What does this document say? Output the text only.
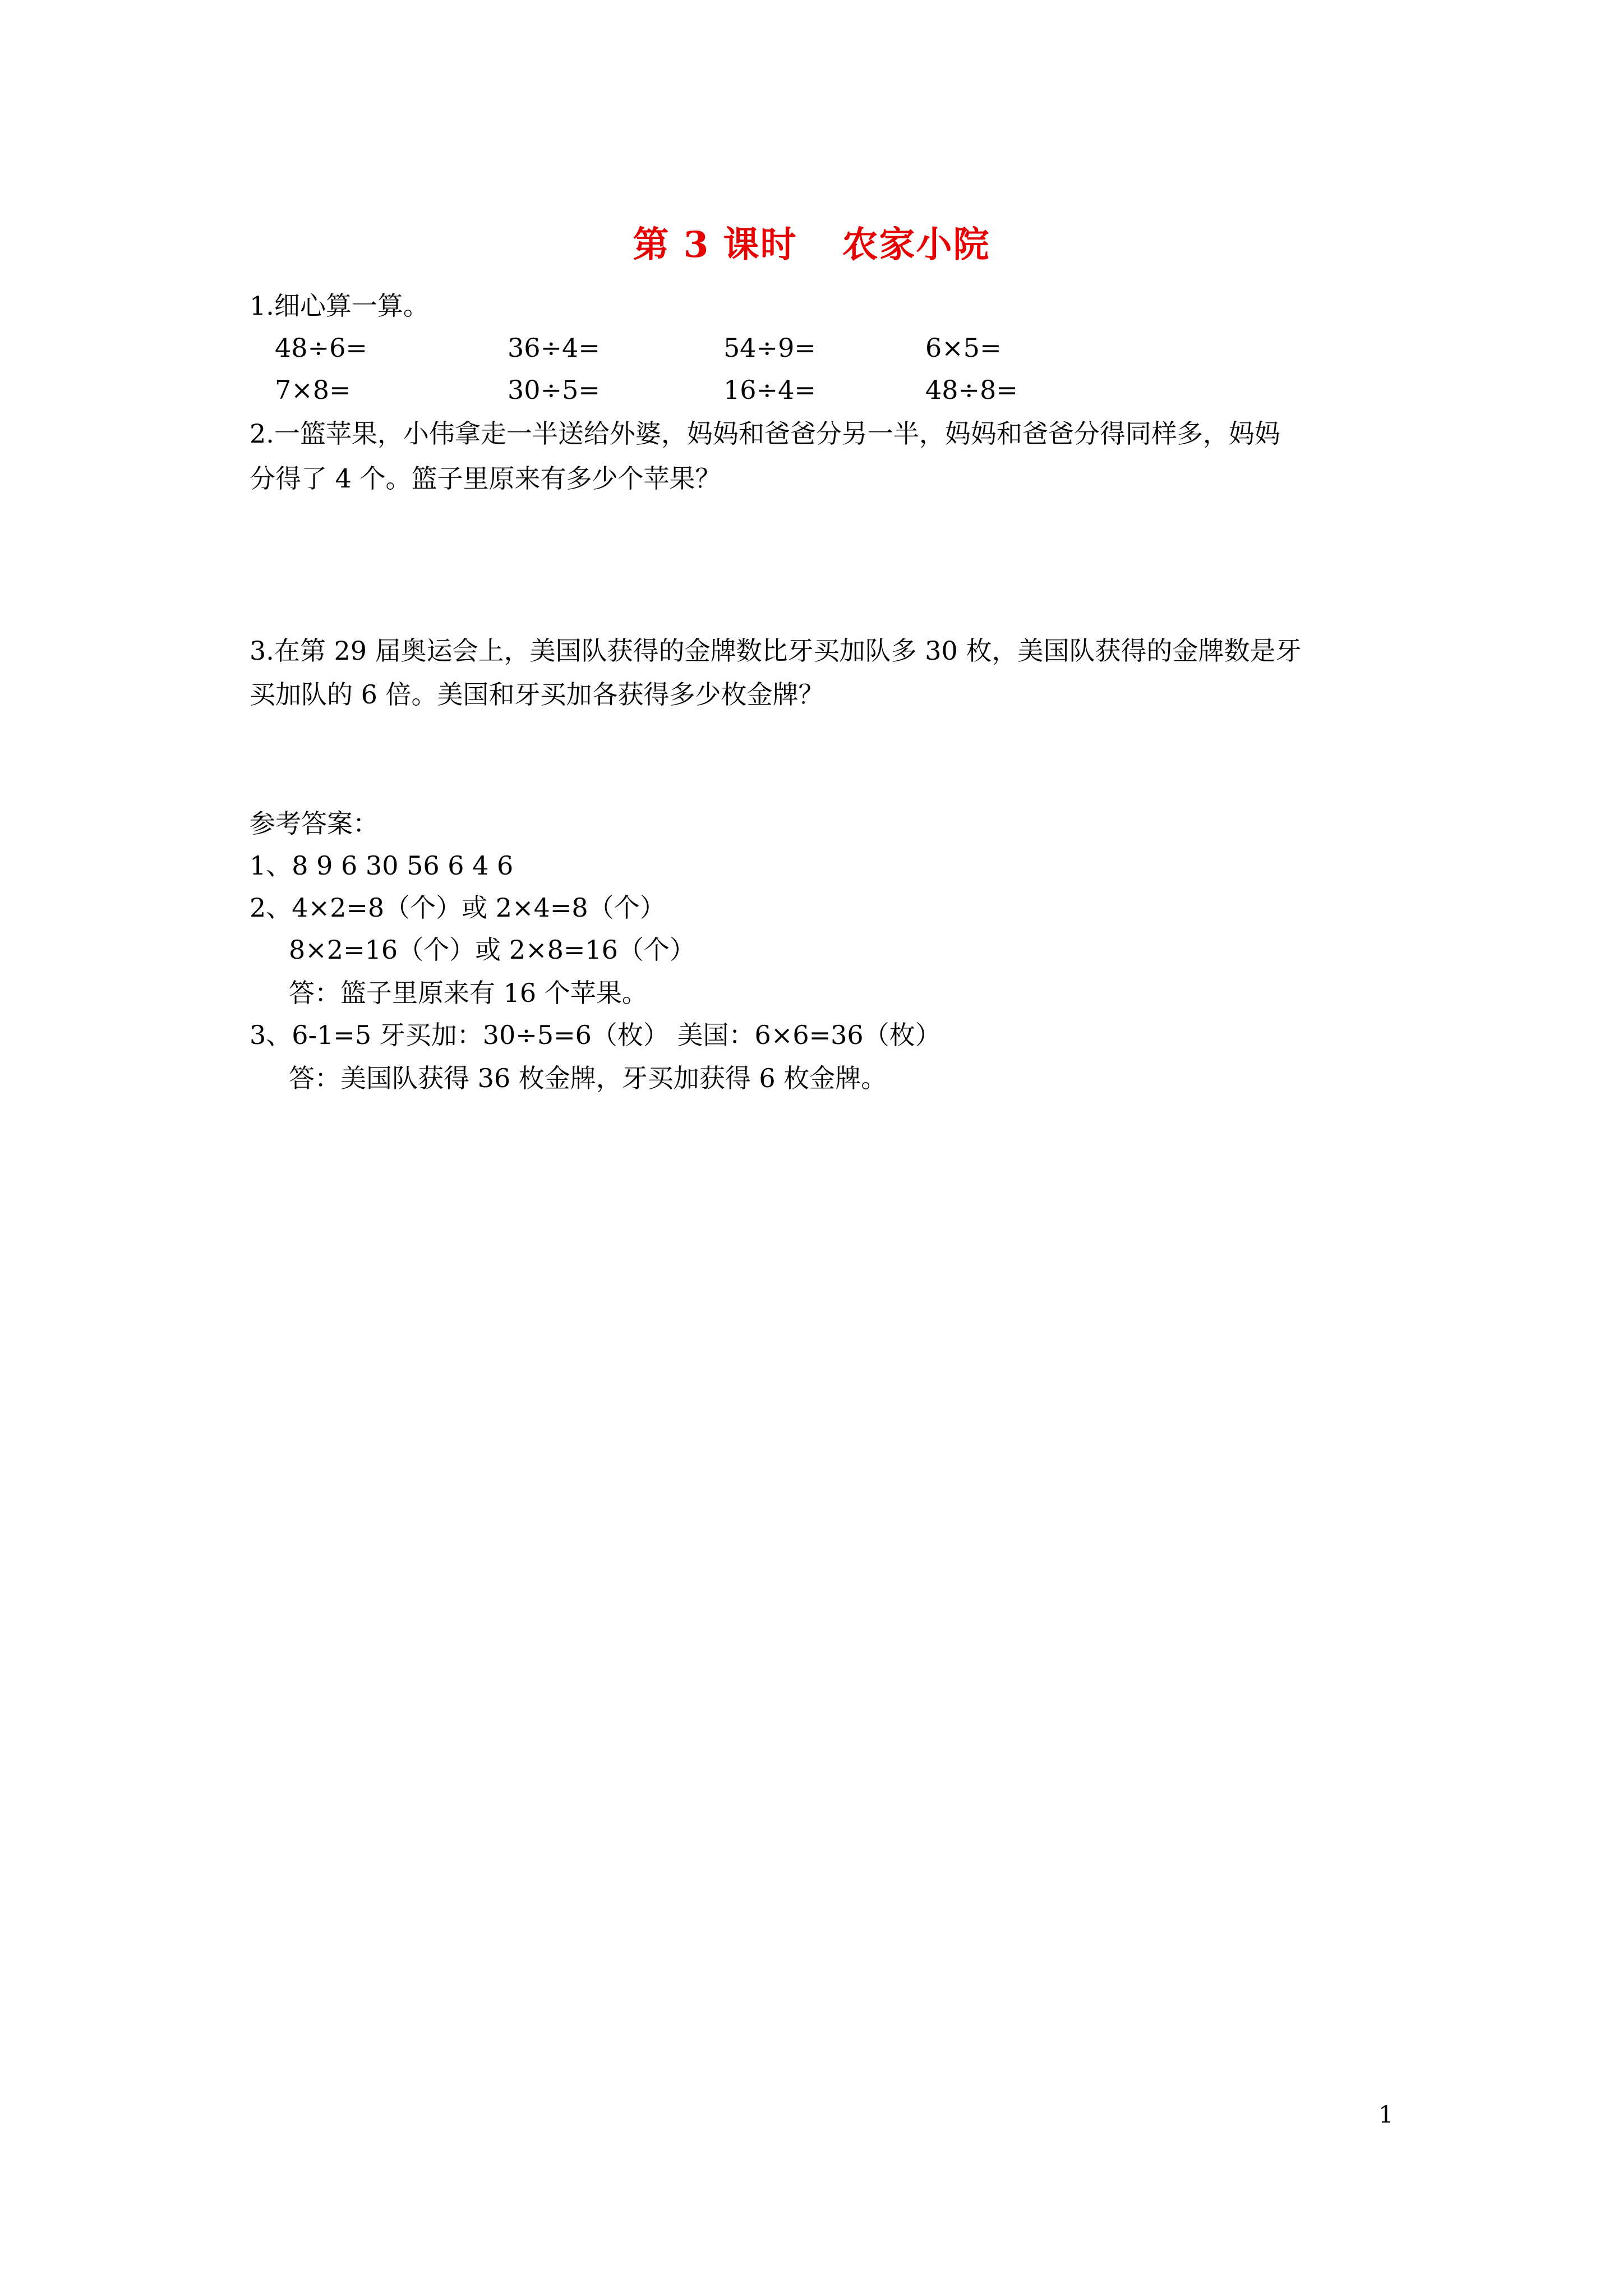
第 3 课时 农家小院
1.细心算一算。
48÷6=	36÷4=	54÷9=	6×5=
7×8=	30÷5=	16÷4=	48÷8=
2.一篮苹果，小伟拿走一半送给外婆，妈妈和爸爸分另一半，妈妈和爸爸分得同样多，妈妈
分得了 4 个。篮子里原来有多少个苹果？
3.在第 29 届奥运会上，美国队获得的金牌数比牙买加队多 30 枚，美国队获得的金牌数是牙
买加队的 6 倍。美国和牙买加各获得多少枚金牌？
参考答案：
1、8 9 6 30 56 6 4 6
2、4×2=8（个）或 2×4=8（个）
8×2=16（个）或 2×8=16（个）
答：篮子里原来有 16 个苹果。
3、6-1=5 牙买加：30÷5=6（枚） 美国：6×6=36（枚）
答：美国队获得 36 枚金牌，牙买加获得 6 枚金牌。
1
